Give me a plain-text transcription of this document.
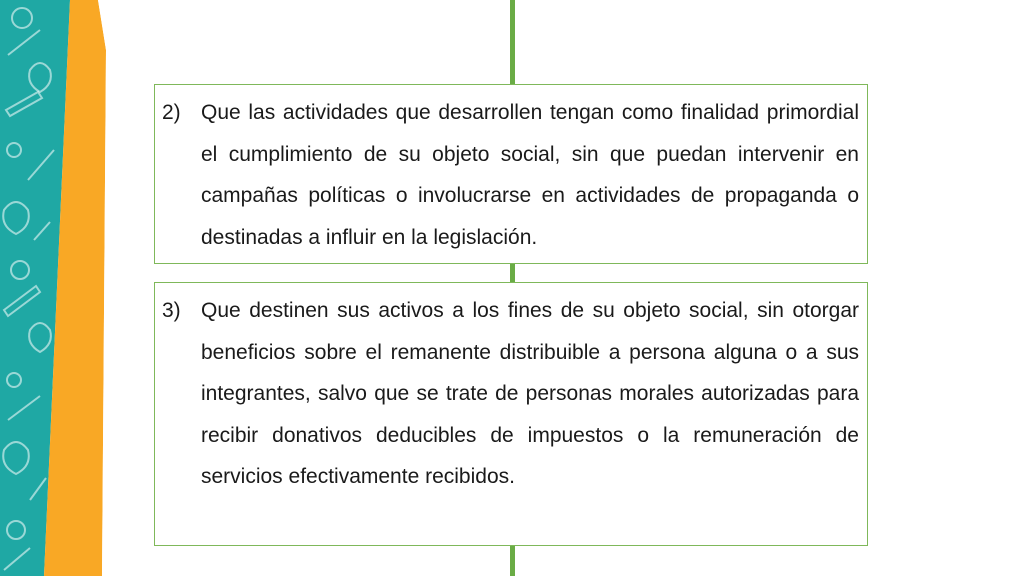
2) Que las actividades que desarrollen tengan como finalidad primordial el cumplimiento de su objeto social, sin que puedan intervenir en campañas políticas o involucrarse en actividades de propaganda o destinadas a influir en la legislación.
3) Que destinen sus activos a los fines de su objeto social, sin otorgar beneficios sobre el remanente distribuible a persona alguna o a sus integrantes, salvo que se trate de personas morales autorizadas para recibir donativos deducibles de impuestos o la remuneración de servicios efectivamente recibidos.
